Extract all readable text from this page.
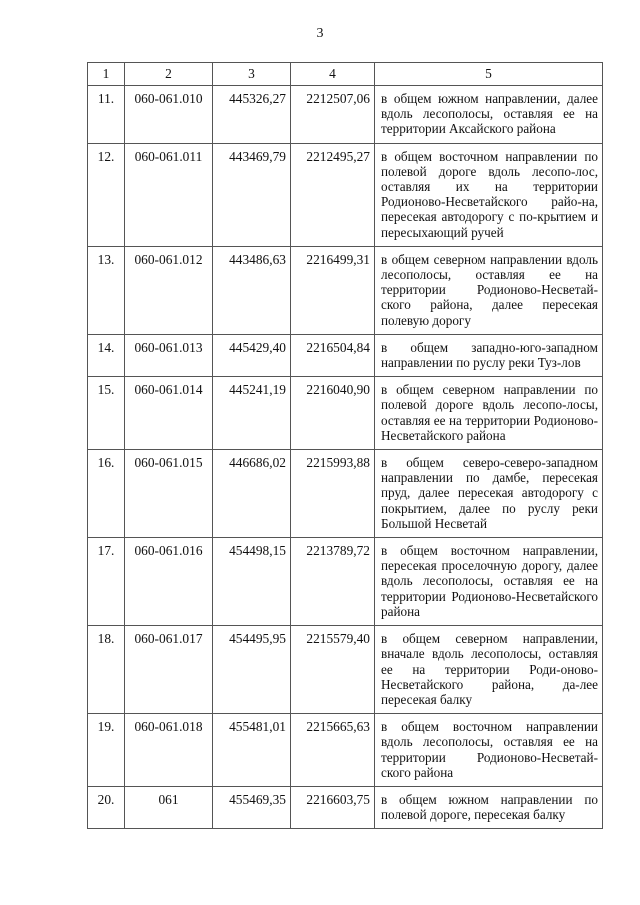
3
1	2	3	4	5
11.	060-061.010	445326,27	2212507,06	в общем южном направлении, далее вдоль лесополосы, оставляя ее на территории Аксайского района
12.	060-061.011	443469,79	2212495,27	в общем восточном направлении по полевой дороге вдоль лесопо-лос, оставляя их на территории Родионово-Несветайского райо-на, пересекая автодорогу с по-крытием и пересыхающий ручей
13.	060-061.012	443486,63	2216499,31	в общем северном направлении вдоль лесополосы, оставляя ее на территории Родионово-Несветай-ского района, далее пересекая полевую дорогу
14.	060-061.013	445429,40	2216504,84	в общем западно-юго-западном направлении по руслу реки Туз-лов
15.	060-061.014	445241,19	2216040,90	в общем северном направлении по полевой дороге вдоль лесопо-лосы, оставляя ее на территории Родионово-Несветайского района
16.	060-061.015	446686,02	2215993,88	в общем северо-северо-западном направлении по дамбе, пересекая пруд, далее пересекая автодорогу с покрытием, далее по руслу реки Большой Несветай
17.	060-061.016	454498,15	2213789,72	в общем восточном направлении, пересекая проселочную дорогу, далее вдоль лесополосы, оставляя ее на территории Родионово-Несветайского района
18.	060-061.017	454495,95	2215579,40	в общем северном направлении, вначале вдоль лесополосы, оставляя ее на территории Роди-оново-Несветайского района, да-лее пересекая балку
19.	060-061.018	455481,01	2215665,63	в общем восточном направлении вдоль лесополосы, оставляя ее на территории Родионово-Несветай-ского района
20.	061	455469,35	2216603,75	в общем южном направлении по полевой дороге, пересекая балку
